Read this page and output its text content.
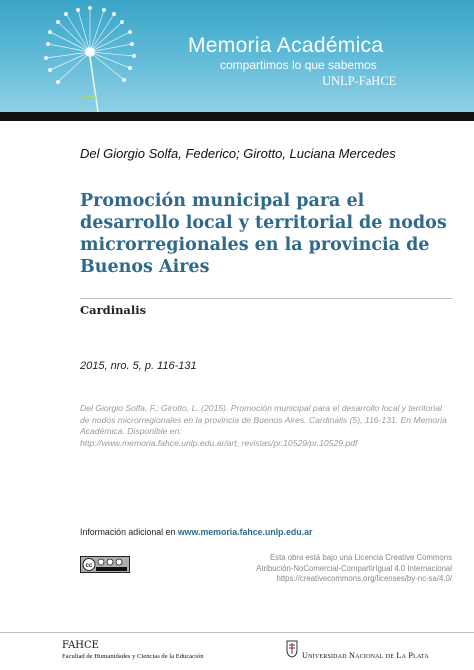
Memoria Académica
compartimos lo que sabemos
UNLP-FaHCE
Del Giorgio Solfa, Federico; Girotto, Luciana Mercedes
Promoción municipal para el desarrollo local y territorial de nodos microrregionales en la provincia de Buenos Aires
Cardinalis
2015, nro. 5, p. 116-131
Del Giorgio Solfa, F.; Girotto, L. (2015). Promoción municipal para el desarrollo local y territorial de nodos microrregionales en la provincia de Buenos Aires. Cardinalis (5), 116-131. En Memoria Académica. Disponible en: http://www.memoria.fahce.unlp.edu.ar/art_revistas/pr.10529/pr.10529.pdf
Información adicional en www.memoria.fahce.unlp.edu.ar
cc
Esta obra está bajo una Licencia Creative Commons
Atribución-NoComercial-CompartirIgual 4.0 Internacional
https://creativecommons.org/licenses/by-nc-sa/4.0/
FAHCE
Facultad de Humanidades y Ciencias de la Educación	Universidad Nacional de La Plata
